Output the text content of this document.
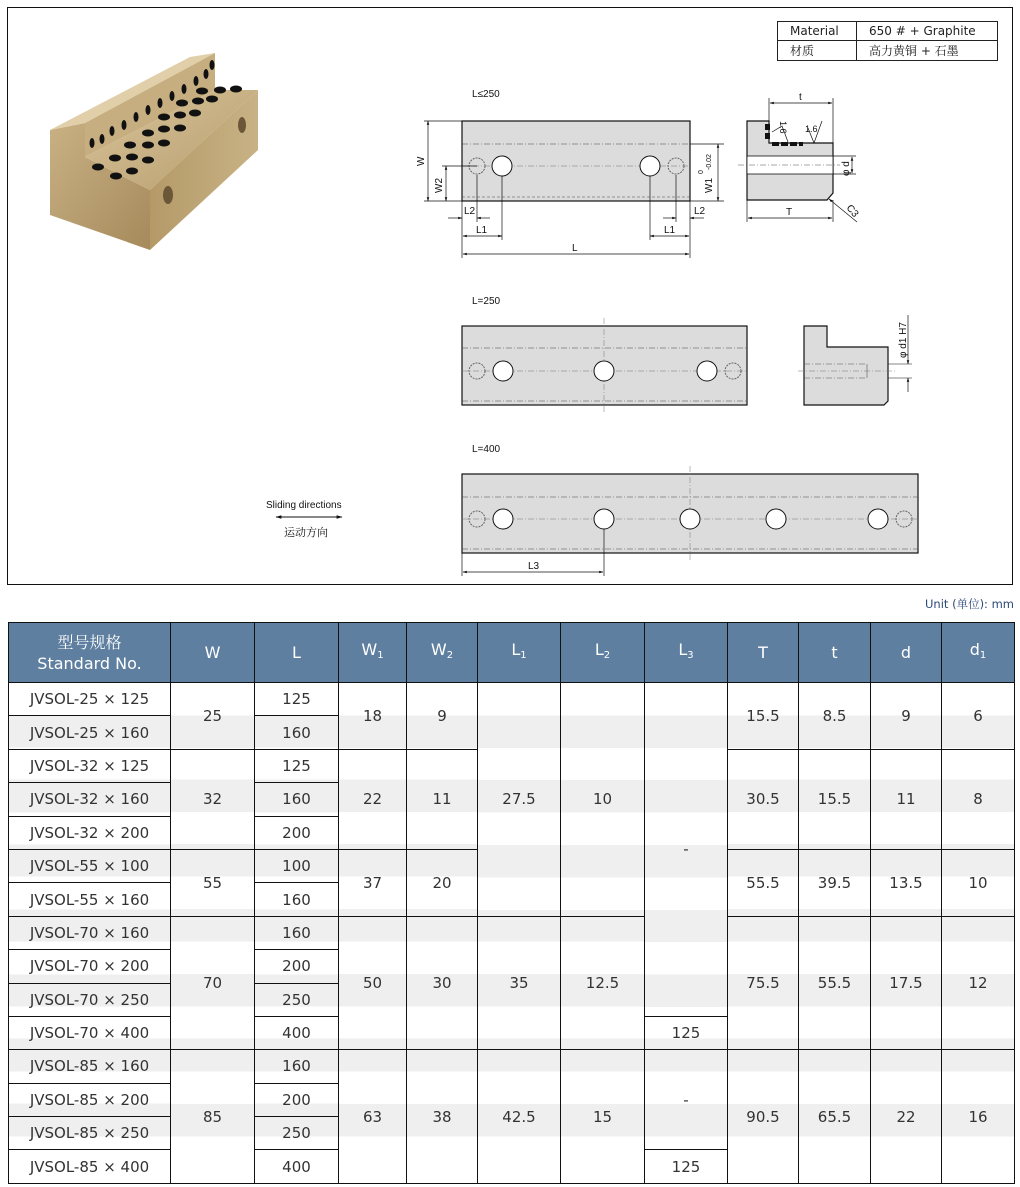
Material	650 # + Graphite
材质	高力黄铜 + 石墨
L≤250
W
W2	W1
0
-0.02
L2	L2
L1	L1
L
t
T
φ d
C3
1.6 1.6
L=250
φ d1 H7
L=400
L3
Sliding directions
运动方向
Unit (单位): mm
型号规格
Standard No.	W	L	$W_1$	$W_2$	$L_1$	$L_2$	$L_3$	T	t	d	$d_1$
JVSOL-25 × 125	25	125	18	9	27.5	10	-	15.5	8.5	9	6
JVSOL-25 × 160		160									
JVSOL-32 × 125	32	125	22	11				30.5	15.5	11	8
JVSOL-32 × 160		160									
JVSOL-32 × 200		200									
JVSOL-55 × 100	55	100	37	20				55.5	39.5	13.5	10
JVSOL-55 × 160		160									
JVSOL-70 × 160	70	160	50	30	35	12.5		75.5	55.5	17.5	12
JVSOL-70 × 200		200									
JVSOL-70 × 250		250									
JVSOL-70 × 400		400					125				
JVSOL-85 × 160	85	160	63	38	42.5	15	-	90.5	65.5	22	16
JVSOL-85 × 200		200									
JVSOL-85 × 250		250									
JVSOL-85 × 400		400					125				
